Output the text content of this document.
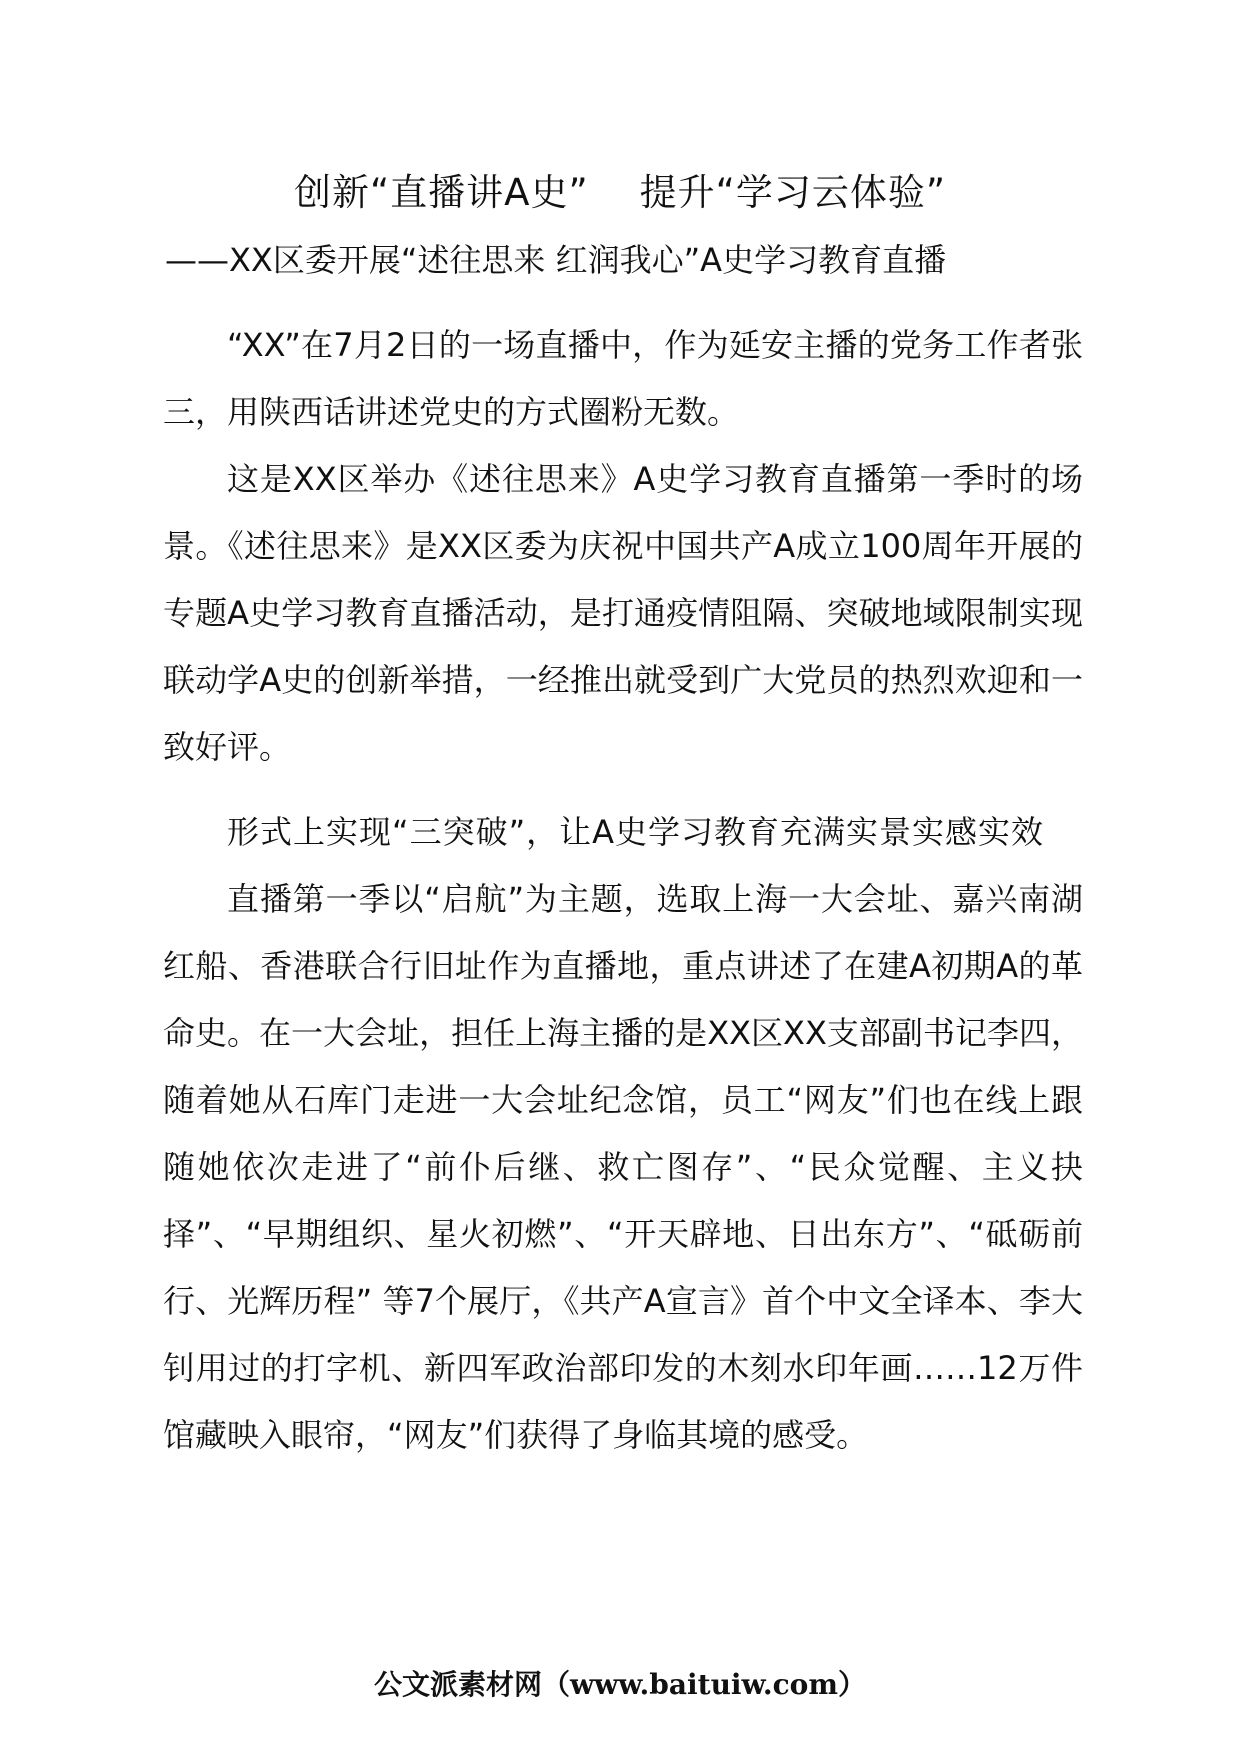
创新“直播讲A史”    提升“学习云体验”
——XX区委开展“述往思来 红润我心”A史学习教育直播

“XX”在7月2日的一场直播中，作为延安主播的党务工作者张三，用陕西话讲述党史的方式圈粉无数。

这是XX区举办《述往思来》A史学习教育直播第一季时的场景。《述往思来》是XX区委为庆祝中国共产A成立100周年开展的专题A史学习教育直播活动，是打通疫情阻隔、突破地域限制实现联动学A史的创新举措，一经推出就受到广大党员的热烈欢迎和一致好评。

形式上实现“三突破”，让A史学习教育充满实景实感实效

直播第一季以“启航”为主题，选取上海一大会址、嘉兴南湖红船、香港联合行旧址作为直播地，重点讲述了在建A初期A的革命史。在一大会址，担任上海主播的是XX区XX支部副书记李四，随着她从石库门走进一大会址纪念馆，员工“网友”们也在线上跟随她依次走进了“前仆后继、救亡图存”、“民众觉醒、主义抉择”、“早期组织、星火初燃”、“开天辟地、日出东方”、“砥砺前行、光辉历程” 等7个展厅，《共产A宣言》首个中文全译本、李大钊用过的打字机、新四军政治部印发的木刻水印年画……12万件馆藏映入眼帘，“网友”们获得了身临其境的感受。

公文派素材网（www.baituiw.com）
